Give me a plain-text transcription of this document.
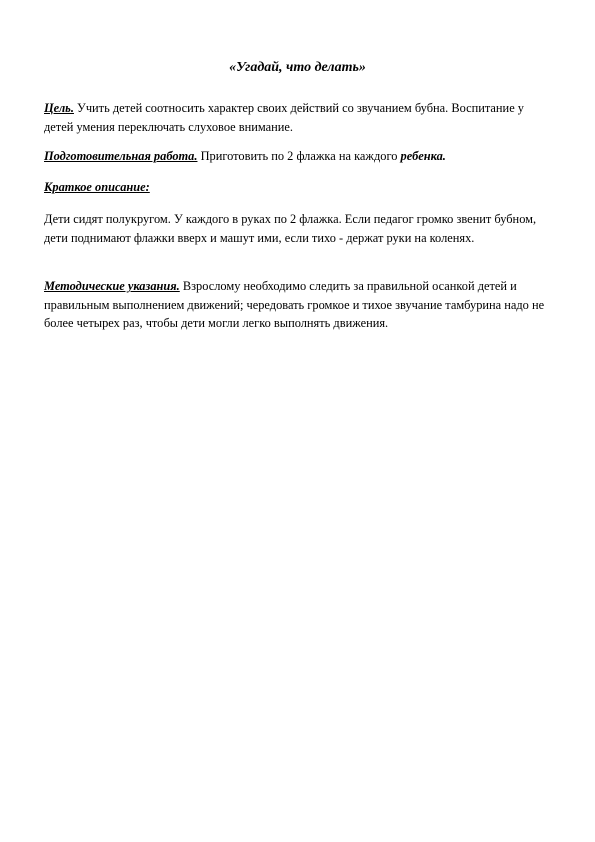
«Угадай, что делать»
Цель. Учить детей соотносить характер своих действий со звучанием бубна. Воспитание у детей умения переключать слуховое внимание.
Подготовительная работа. Приготовить по 2 флажка на каждого ребенка.
Краткое описание:
Дети сидят полукругом. У каждого в руках по 2 флажка. Если педагог громко звенит бубном, дети поднимают флажки вверх и машут ими, если тихо - держат руки на коленях.
Методические указания. Взрослому необходимо следить за правильной осанкой детей и правильным выполнением движений; чередовать громкое и тихое звучание тамбурина надо не более четырех раз, чтобы дети могли легко выполнять движения.
